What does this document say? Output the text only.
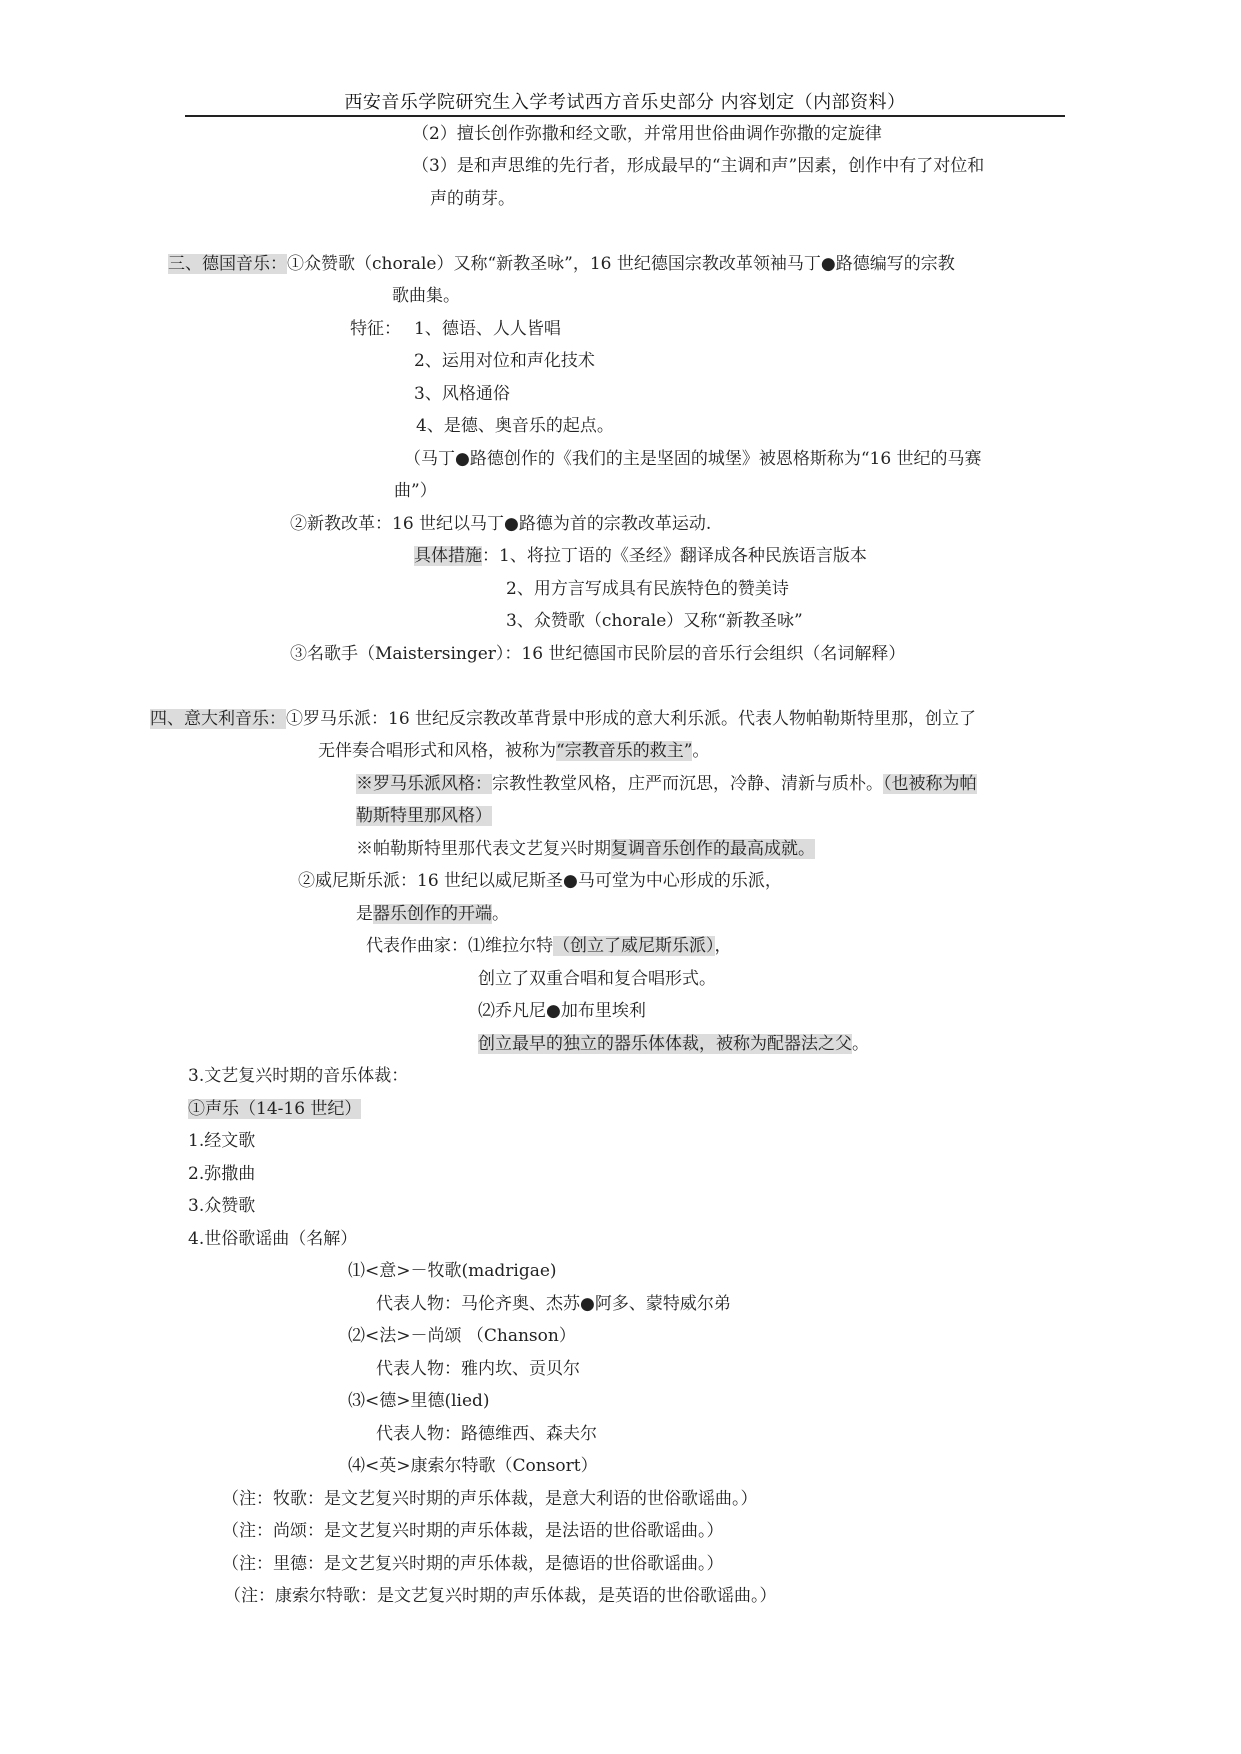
西安音乐学院研究生入学考试西方音乐史部分 内容划定（内部资料）
（2）擅长创作弥撒和经文歌，并常用世俗曲调作弥撒的定旋律
（3）是和声思维的先行者，形成最早的“主调和声”因素，创作中有了对位和
声的萌芽。
三、德国音乐：①众赞歌（chorale）又称“新教圣咏”，16 世纪德国宗教改革领袖马丁●路德编写的宗教
歌曲集。
特征： 1、德语、人人皆唱
2、运用对位和声化技术
3、风格通俗
4、是德、奥音乐的起点。
（马丁●路德创作的《我们的主是坚固的城堡》被恩格斯称为“16 世纪的马赛
曲”）
②新教改革：16 世纪以马丁●路德为首的宗教改革运动.
具体措施：1、将拉丁语的《圣经》翻译成各种民族语言版本
2、用方言写成具有民族特色的赞美诗
3、众赞歌（chorale）又称“新教圣咏”
③名歌手（Maistersinger）：16 世纪德国市民阶层的音乐行会组织（名词解释）
四、意大利音乐：①罗马乐派：16 世纪反宗教改革背景中形成的意大利乐派。代表人物帕勒斯特里那，创立了
无伴奏合唱形式和风格，被称为“宗教音乐的救主”。
※罗马乐派风格：宗教性教堂风格，庄严而沉思，冷静、清新与质朴。（也被称为帕
勒斯特里那风格）
※帕勒斯特里那代表文艺复兴时期复调音乐创作的最高成就。
②威尼斯乐派：16 世纪以威尼斯圣●马可堂为中心形成的乐派，
是器乐创作的开端。
代表作曲家：⑴维拉尔特（创立了威尼斯乐派），
创立了双重合唱和复合唱形式。
⑵乔凡尼●加布里埃利
创立最早的独立的器乐体体裁，被称为配器法之父。
3.文艺复兴时期的音乐体裁：
①声乐（14-16 世纪）
1.经文歌
2.弥撒曲
3.众赞歌
4.世俗歌谣曲（名解）
⑴<意>－牧歌(madrigae)
代表人物：马伦齐奥、杰苏●阿多、蒙特威尔弟
⑵<法>－尚颂 （Chanson）
代表人物：雅内坎、贡贝尔
⑶<德>里德(lied)
代表人物：路德维西、森夫尔
⑷<英>康索尔特歌（Consort）
（注：牧歌：是文艺复兴时期的声乐体裁，是意大利语的世俗歌谣曲。）
（注：尚颂：是文艺复兴时期的声乐体裁，是法语的世俗歌谣曲。）
（注：里德：是文艺复兴时期的声乐体裁，是德语的世俗歌谣曲。）
（注：康索尔特歌：是文艺复兴时期的声乐体裁，是英语的世俗歌谣曲。）
